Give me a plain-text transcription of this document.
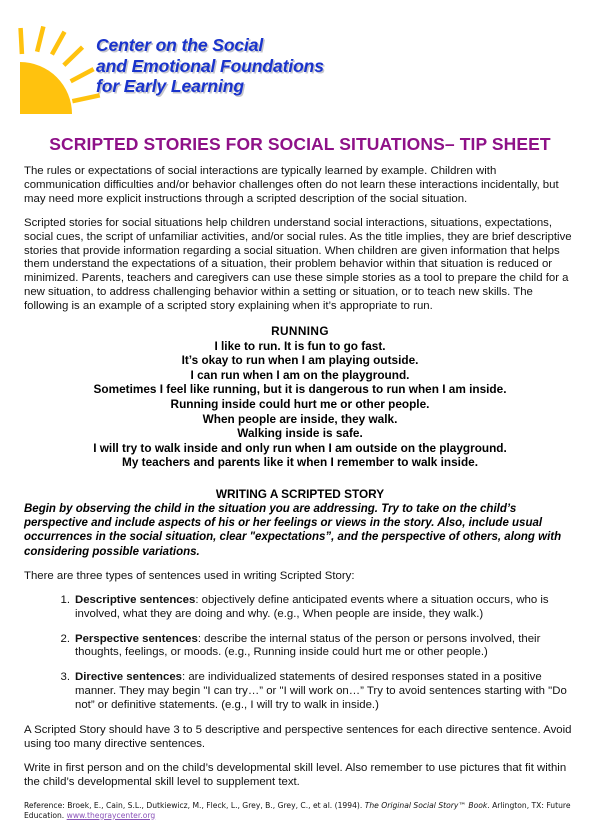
Center on the Social
and Emotional Foundations
for Early Learning
SCRIPTED STORIES FOR SOCIAL SITUATIONS– TIP SHEET

The rules or expectations of social interactions are typically learned by example. Children with communication difficulties and/or behavior challenges often do not learn these interactions incidentally, but may need more explicit instructions through a scripted description of the social situation.

Scripted stories for social situations help children understand social interactions, situations, expectations, social cues, the script of unfamiliar activities, and/or social rules. As the title implies, they are brief descriptive stories that provide information regarding a social situation. When children are given information that helps them understand the expectations of a situation, their problem behavior within that situation is reduced or minimized. Parents, teachers and caregivers can use these simple stories as a tool to prepare the child for a new situation, to address challenging behavior within a setting or situation, or to teach new skills. The following is an example of a scripted story explaining when it’s appropriate to run.

RUNNING
I like to run. It is fun to go fast.
It’s okay to run when I am playing outside.
I can run when I am on the playground.
Sometimes I feel like running, but it is dangerous to run when I am inside.
Running inside could hurt me or other people.
When people are inside, they walk.
Walking inside is safe.
I will try to walk inside and only run when I am outside on the playground.
My teachers and parents like it when I remember to walk inside.
WRITING A SCRIPTED STORY

Begin by observing the child in the situation you are addressing. Try to take on the child’s perspective and include aspects of his or her feelings or views in the story. Also, include usual occurrences in the social situation, clear "expectations”, and the perspective of others, along with considering possible variations.

There are three types of sentences used in writing Scripted Story:

Descriptive sentences: objectively define anticipated events where a situation occurs, who is involved, what they are doing and why. (e.g., When people are inside, they walk.)
Perspective sentences: describe the internal status of the person or persons involved, their thoughts, feelings, or moods. (e.g., Running inside could hurt me or other people.)
Directive sentences: are individualized statements of desired responses stated in a positive manner. They may begin "I can try…” or "I will work on…” Try to avoid sentences starting with "Do not” or definitive statements. (e.g., I will try to walk in inside.)

A Scripted Story should have 3 to 5 descriptive and perspective sentences for each directive sentence. Avoid using too many directive sentences.

Write in first person and on the child’s developmental skill level. Also remember to use pictures that fit within the child’s developmental skill level to supplement text.

Reference: Broek, E., Cain, S.L., Dutkiewicz, M., Fleck, L., Grey, B., Grey, C., et al. (1994). The Original Social Story™ Book. Arlington, TX: Future Education. www.thegraycenter.org
